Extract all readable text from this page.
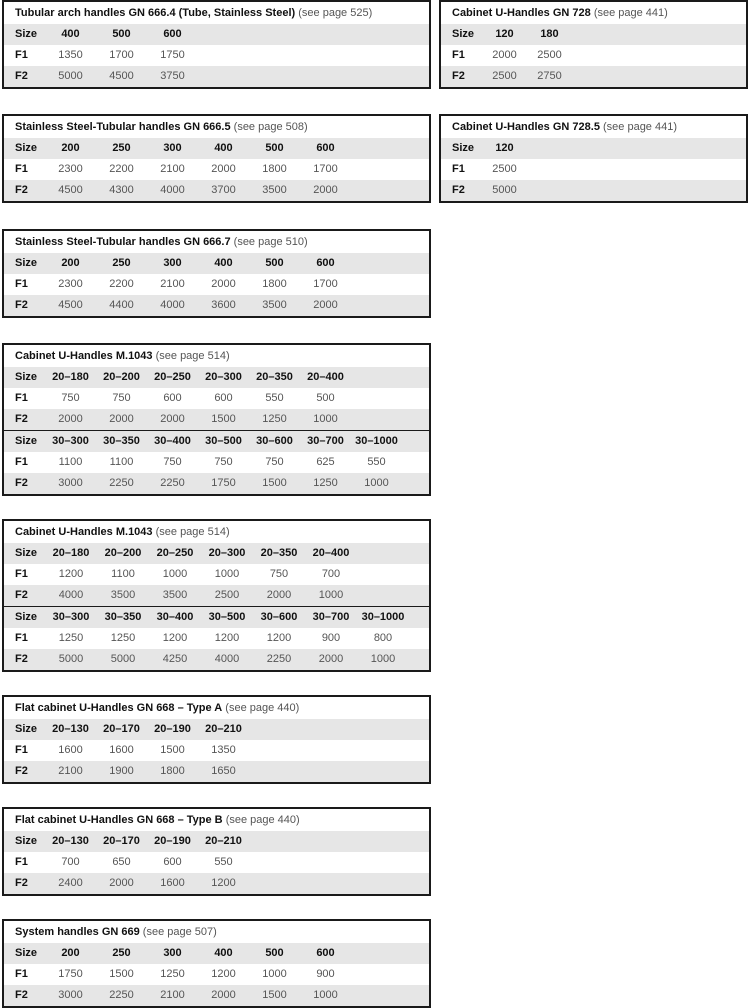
Tubular arch handles GN 666.4 (Tube, Stainless Steel) (see page 525)
Size	400	500	600
F1	1350	1700	1750
F2	5000	4500	3750
Cabinet U-Handles GN 728 (see page 441)
Size	120	180
F1	2000	2500
F2	2500	2750
Stainless Steel-Tubular handles GN 666.5 (see page 508)
Size	200	250	300	400	500	600
F1	2300	2200	2100	2000	1800	1700
F2	4500	4300	4000	3700	3500	2000
Cabinet U-Handles GN 728.5 (see page 441)
Size	120
F1	2500
F2	5000
Stainless Steel-Tubular handles GN 666.7 (see page 510)
Size	200	250	300	400	500	600
F1	2300	2200	2100	2000	1800	1700
F2	4500	4400	4000	3600	3500	2000
Cabinet U-Handles M.1043 (see page 514)
Size	20–180	20–200	20–250	20–300	20–350	20–400
F1	750	750	600	600	550	500
F2	2000	2000	2000	1500	1250	1000
Size	30–300	30–350	30–400	30–500	30–600	30–700	30–1000
F1	1100	1100	750	750	750	625	550
F2	3000	2250	2250	1750	1500	1250	1000
Cabinet U-Handles M.1043 (see page 514)
Size	20–180	20–200	20–250	20–300	20–350	20–400
F1	1200	1100	1000	1000	750	700
F2	4000	3500	3500	2500	2000	1000
Size	30–300	30–350	30–400	30–500	30–600	30–700	30–1000
F1	1250	1250	1200	1200	1200	900	800
F2	5000	5000	4250	4000	2250	2000	1000
Flat cabinet U-Handles GN 668 – Type A (see page 440)
Size	20–130	20–170	20–190	20–210
F1	1600	1600	1500	1350
F2	2100	1900	1800	1650
Flat cabinet U-Handles GN 668 – Type B (see page 440)
Size	20–130	20–170	20–190	20–210
F1	700	650	600	550
F2	2400	2000	1600	1200
System handles GN 669 (see page 507)
Size	200	250	300	400	500	600
F1	1750	1500	1250	1200	1000	900
F2	3000	2250	2100	2000	1500	1000
